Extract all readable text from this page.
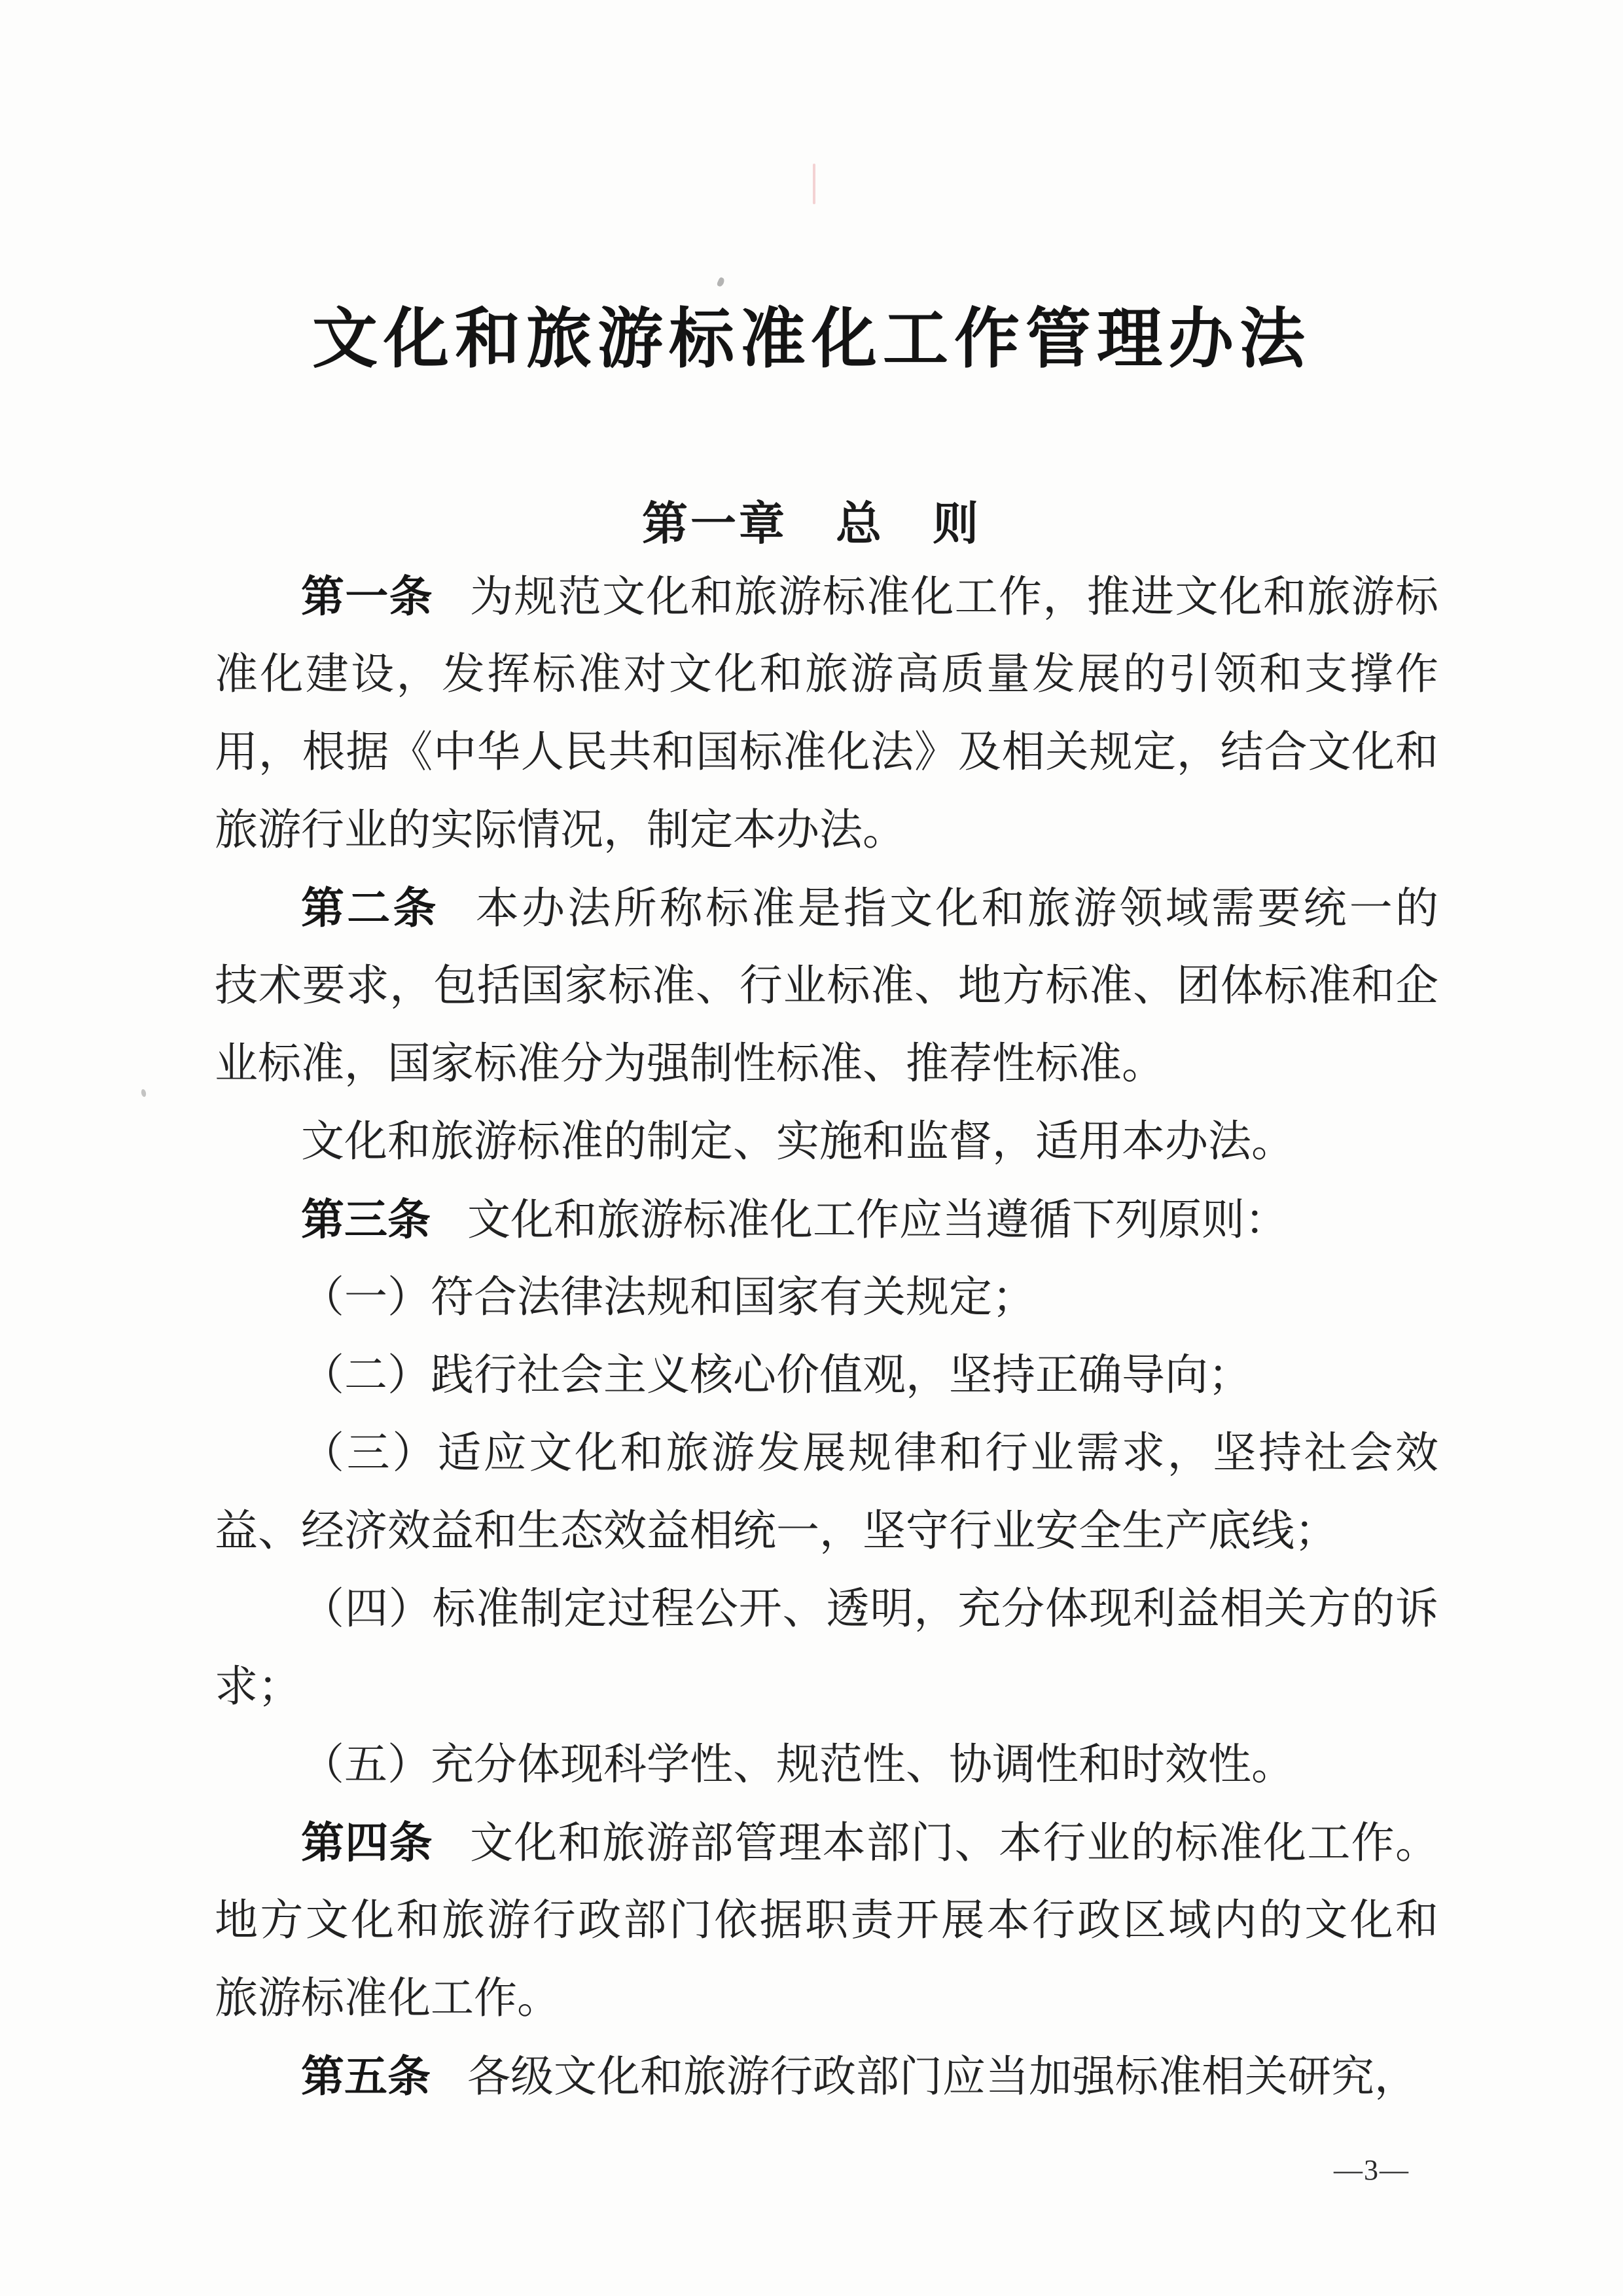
文化和旅游标准化工作管理办法
第一章　总　则
第一条 为规范文化和旅游标准化工作，推进文化和旅游标
准化建设，发挥标准对文化和旅游高质量发展的引领和支撑作
用，根据《中华人民共和国标准化法》及相关规定，结合文化和
旅游行业的实际情况，制定本办法。
第二条 本办法所称标准是指文化和旅游领域需要统一的
技术要求，包括国家标准、行业标准、地方标准、团体标准和企
业标准，国家标准分为强制性标准、推荐性标准。
文化和旅游标准的制定、实施和监督，适用本办法。
第三条 文化和旅游标准化工作应当遵循下列原则：
（一）符合法律法规和国家有关规定；
（二）践行社会主义核心价值观，坚持正确导向；
（三）适应文化和旅游发展规律和行业需求，坚持社会效
益、经济效益和生态效益相统一，坚守行业安全生产底线；
（四）标准制定过程公开、透明，充分体现利益相关方的诉
求；
（五）充分体现科学性、规范性、协调性和时效性。
第四条 文化和旅游部管理本部门、本行业的标准化工作。
地方文化和旅游行政部门依据职责开展本行政区域内的文化和
旅游标准化工作。
第五条 各级文化和旅游行政部门应当加强标准相关研究，
—3—
